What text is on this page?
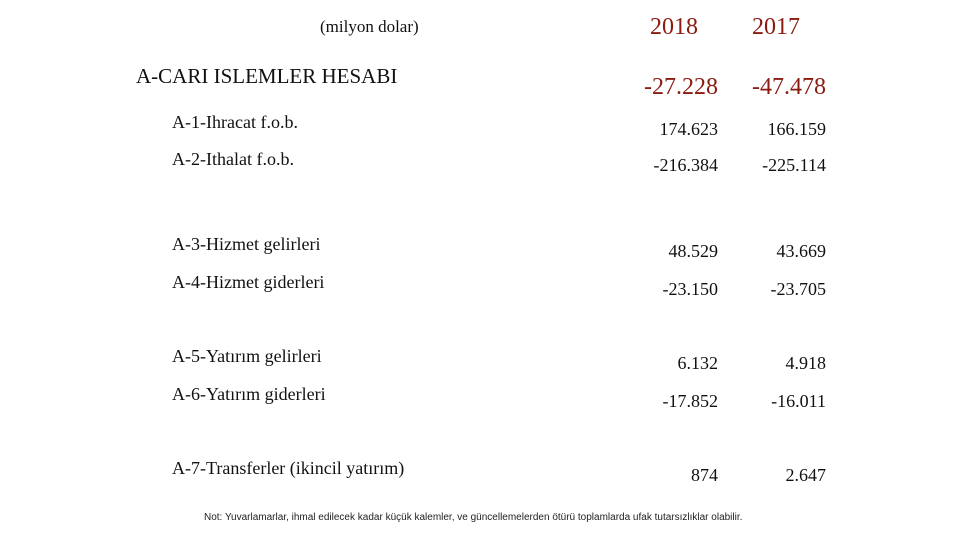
(milyon dolar)	2018	2017
A-CARI ISLEMLER HESABI	-27.228	-47.478
A-1-Ihracat f.o.b.	174.623	166.159
A-2-Ithalat f.o.b.	-216.384	-225.114
A-3-Hizmet gelirleri	48.529	43.669
A-4-Hizmet giderleri	-23.150	-23.705
A-5-Yatırım gelirleri	6.132	4.918
A-6-Yatırım giderleri	-17.852	-16.011
A-7-Transferler (ikincil yatırım)	874	2.647
Not: Yuvarlamarlar, ihmal edilecek kadar küçük kalemler, ve güncellemelerden ötürü toplamlarda ufak tutarsızlıklar olabilir.
